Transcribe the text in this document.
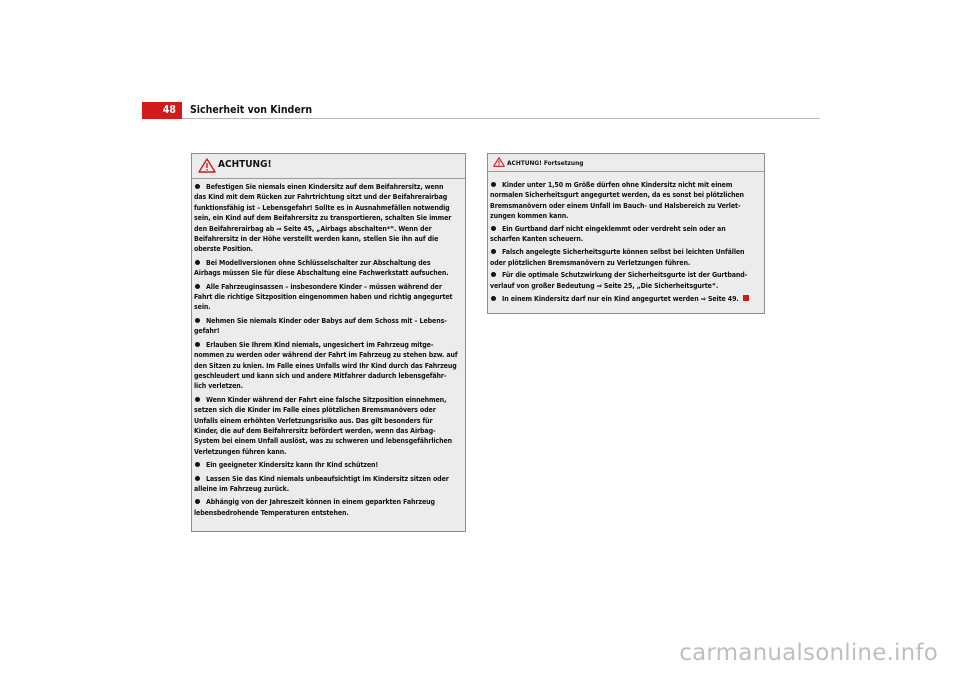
48	Sicherheit von Kindern
ACHTUNG!
Befestigen Sie niemals einen Kindersitz auf dem Beifahrersitz, wenn
das Kind mit dem Rücken zur Fahrtrichtung sitzt und der Beifahrerairbag
funktionsfähig ist – Lebensgefahr! Sollte es in Ausnahmefällen notwendig
sein, ein Kind auf dem Beifahrersitz zu transportieren, schalten Sie immer
den Beifahrerairbag ab ⇒ Seite 45, „Airbags abschalten*“. Wenn der
Beifahrersitz in der Höhe verstellt werden kann, stellen Sie ihn auf die
oberste Position.
Bei Modellversionen ohne Schlüsselschalter zur Abschaltung des
Airbags müssen Sie für diese Abschaltung eine Fachwerkstatt aufsuchen.
Alle Fahrzeuginsassen – insbesondere Kinder – müssen während der
Fahrt die richtige Sitzposition eingenommen haben und richtig angegurtet
sein.
Nehmen Sie niemals Kinder oder Babys auf dem Schoss mit – Lebens-
gefahr!
Erlauben Sie Ihrem Kind niemals, ungesichert im Fahrzeug mitge-
nommen zu werden oder während der Fahrt im Fahrzeug zu stehen bzw. auf
den Sitzen zu knien. Im Falle eines Unfalls wird Ihr Kind durch das Fahrzeug
geschleudert und kann sich und andere Mitfahrer dadurch lebensgefähr-
lich verletzen.
Wenn Kinder während der Fahrt eine falsche Sitzposition einnehmen,
setzen sich die Kinder im Falle eines plötzlichen Bremsmanövers oder
Unfalls einem erhöhten Verletzungsrisiko aus. Das gilt besonders für
Kinder, die auf dem Beifahrersitz befördert werden, wenn das Airbag-
System bei einem Unfall auslöst, was zu schweren und lebensgefährlichen
Verletzungen führen kann.
Ein geeigneter Kindersitz kann Ihr Kind schützen!
Lassen Sie das Kind niemals unbeaufsichtigt im Kindersitz sitzen oder
alleine im Fahrzeug zurück.
Abhängig von der Jahreszeit können in einem geparkten Fahrzeug
lebensbedrohende Temperaturen entstehen.
ACHTUNG! Fortsetzung
Kinder unter 1,50 m Größe dürfen ohne Kindersitz nicht mit einem
normalen Sicherheitsgurt angegurtet werden, da es sonst bei plötzlichen
Bremsmanövern oder einem Unfall im Bauch- und Halsbereich zu Verlet-
zungen kommen kann.
Ein Gurtband darf nicht eingeklemmt oder verdreht sein oder an
scharfen Kanten scheuern.
Falsch angelegte Sicherheitsgurte können selbst bei leichten Unfällen
oder plötzlichen Bremsmanövern zu Verletzungen führen.
Für die optimale Schutzwirkung der Sicherheitsgurte ist der Gurtband-
verlauf von großer Bedeutung ⇒ Seite 25, „Die Sicherheitsgurte“.
In einem Kindersitz darf nur ein Kind angegurtet werden ⇒ Seite 49.
carmanualsonline.info
